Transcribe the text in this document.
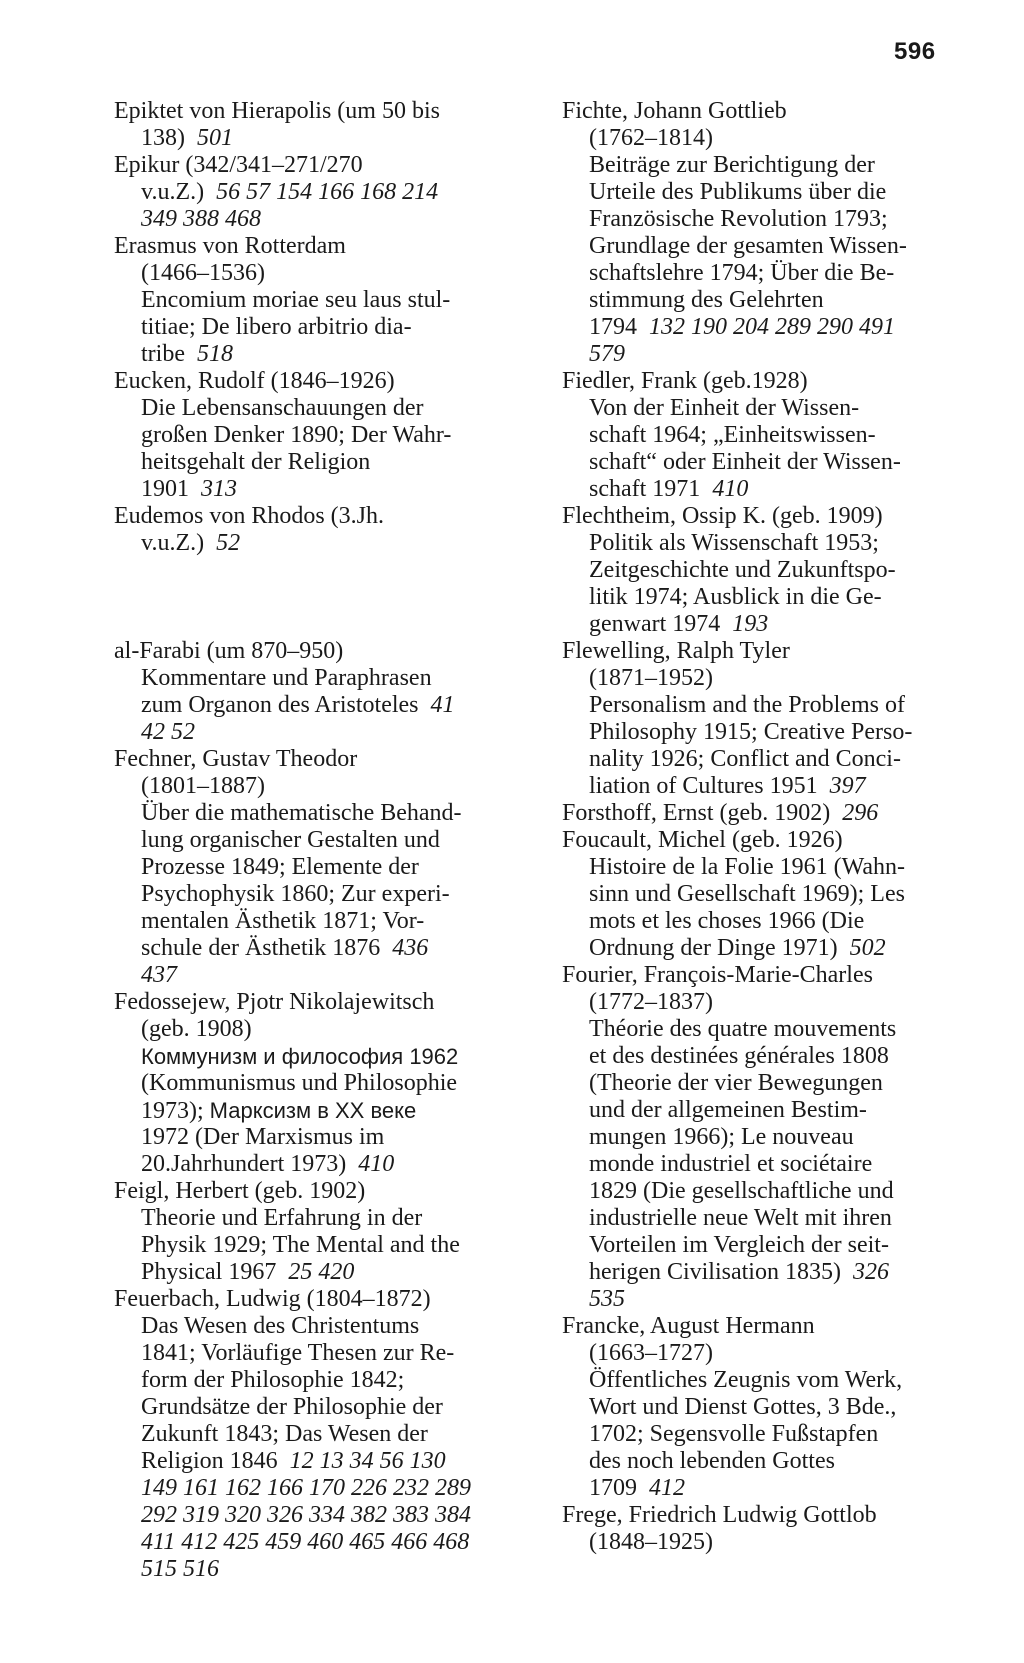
596
Epiktet von Hierapolis (um 50 bis
138)  501
Epikur (342/341–271/270
v.u.Z.)  56 57 154 166 168 214
349 388 468
Erasmus von Rotterdam
(1466–1536)
Encomium moriae seu laus stul-
titiae; De libero arbitrio dia-
tribe  518
Eucken, Rudolf (1846–1926)
Die Lebensanschauungen der
großen Denker 1890; Der Wahr-
heitsgehalt der Religion
1901  313
Eudemos von Rhodos (3.Jh.
v.u.Z.)  52
al-Farabi (um 870–950)
Kommentare und Paraphrasen
zum Organon des Aristoteles  41
42 52
Fechner, Gustav Theodor
(1801–1887)
Über die mathematische Behand-
lung organischer Gestalten und
Prozesse 1849; Elemente der
Psychophysik 1860; Zur experi-
mentalen Ästhetik 1871; Vor-
schule der Ästhetik 1876  436
437
Fedossejew, Pjotr Nikolajewitsch
(geb. 1908)
Коммунизм и философия 1962
(Kommunismus und Philosophie
1973); Марксизм в XX веке
1972 (Der Marxismus im
20.Jahrhundert 1973)  410
Feigl, Herbert (geb. 1902)
Theorie und Erfahrung in der
Physik 1929; The Mental and the
Physical 1967  25 420
Feuerbach, Ludwig (1804–1872)
Das Wesen des Christentums
1841; Vorläufige Thesen zur Re-
form der Philosophie 1842;
Grundsätze der Philosophie der
Zukunft 1843; Das Wesen der
Religion 1846  12 13 34 56 130
149 161 162 166 170 226 232 289
292 319 320 326 334 382 383 384
411 412 425 459 460 465 466 468
515 516
Fichte, Johann Gottlieb
(1762–1814)
Beiträge zur Berichtigung der
Urteile des Publikums über die
Französische Revolution 1793;
Grundlage der gesamten Wissen-
schaftslehre 1794; Über die Be-
stimmung des Gelehrten
1794  132 190 204 289 290 491
579
Fiedler, Frank (geb.1928)
Von der Einheit der Wissen-
schaft 1964; „Einheitswissen-
schaft“ oder Einheit der Wissen-
schaft 1971  410
Flechtheim, Ossip K. (geb. 1909)
Politik als Wissenschaft 1953;
Zeitgeschichte und Zukunftspo-
litik 1974; Ausblick in die Ge-
genwart 1974  193
Flewelling, Ralph Tyler
(1871–1952)
Personalism and the Problems of
Philosophy 1915; Creative Perso-
nality 1926; Conflict and Conci-
liation of Cultures 1951  397
Forsthoff, Ernst (geb. 1902)  296
Foucault, Michel (geb. 1926)
Histoire de la Folie 1961 (Wahn-
sinn und Gesellschaft 1969); Les
mots et les choses 1966 (Die
Ordnung der Dinge 1971)  502
Fourier, François-Marie-Charles
(1772–1837)
Théorie des quatre mouvements
et des destinées générales 1808
(Theorie der vier Bewegungen
und der allgemeinen Bestim-
mungen 1966); Le nouveau
monde industriel et sociétaire
1829 (Die gesellschaftliche und
industrielle neue Welt mit ihren
Vorteilen im Vergleich der seit-
herigen Civilisation 1835)  326
535
Francke, August Hermann
(1663–1727)
Öffentliches Zeugnis vom Werk,
Wort und Dienst Gottes, 3 Bde.,
1702; Segensvolle Fußstapfen
des noch lebenden Gottes
1709  412
Frege, Friedrich Ludwig Gottlob
(1848–1925)
